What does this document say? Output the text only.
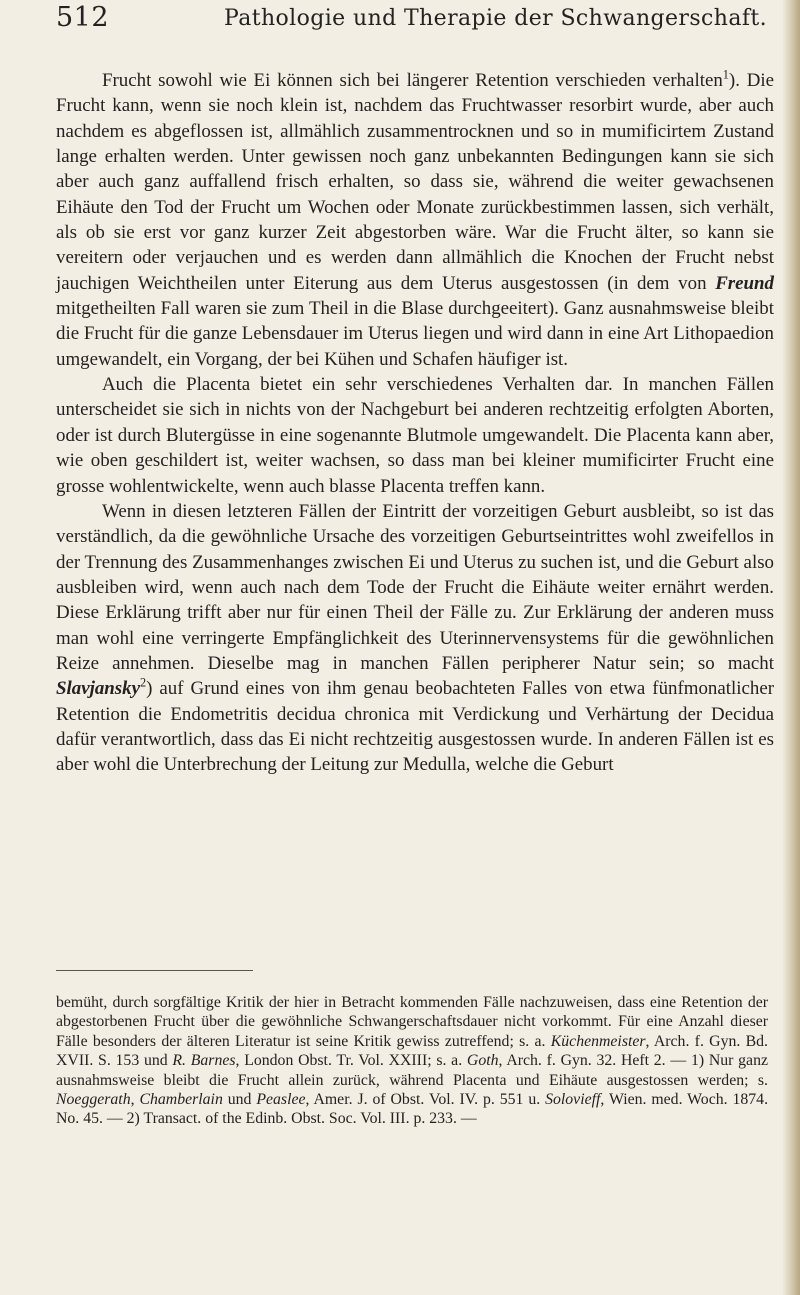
512	Pathologie und Therapie der Schwangerschaft.

Frucht sowohl wie Ei können sich bei längerer Retention verschieden verhalten$^1$). Die Frucht kann, wenn sie noch klein ist, nachdem das Fruchtwasser resorbirt wurde, aber auch nachdem es abgeflossen ist, allmählich zusammentrocknen und so in mumificirtem Zustand lange erhalten werden. Unter gewissen noch ganz unbekannten Bedingungen kann sie sich aber auch ganz auffallend frisch erhalten, so dass sie, während die weiter gewachsenen Eihäute den Tod der Frucht um Wochen oder Monate zurückbestimmen lassen, sich verhält, als ob sie erst vor ganz kurzer Zeit abgestorben wäre. War die Frucht älter, so kann sie vereitern oder verjauchen und es werden dann allmählich die Knochen der Frucht nebst jauchigen Weichtheilen unter Eiterung aus dem Uterus ausgestossen (in dem von Freund mitgetheilten Fall waren sie zum Theil in die Blase durchgeeitert). Ganz ausnahmsweise bleibt die Frucht für die ganze Lebensdauer im Uterus liegen und wird dann in eine Art Lithopaedion umgewandelt, ein Vorgang, der bei Kühen und Schafen häufiger ist.

Auch die Placenta bietet ein sehr verschiedenes Verhalten dar. In manchen Fällen unterscheidet sie sich in nichts von der Nachgeburt bei anderen rechtzeitig erfolgten Aborten, oder ist durch Blutergüsse in eine sogenannte Blutmole umgewandelt. Die Placenta kann aber, wie oben geschildert ist, weiter wachsen, so dass man bei kleiner mumificirter Frucht eine grosse wohlentwickelte, wenn auch blasse Placenta treffen kann.

Wenn in diesen letzteren Fällen der Eintritt der vorzeitigen Geburt ausbleibt, so ist das verständlich, da die gewöhnliche Ursache des vorzeitigen Geburtseintrittes wohl zweifellos in der Trennung des Zusammenhanges zwischen Ei und Uterus zu suchen ist, und die Geburt also ausbleiben wird, wenn auch nach dem Tode der Frucht die Eihäute weiter ernährt werden. Diese Erklärung trifft aber nur für einen Theil der Fälle zu. Zur Erklärung der anderen muss man wohl eine verringerte Empfänglichkeit des Uterinnervensystems für die gewöhnlichen Reize annehmen. Dieselbe mag in manchen Fällen peripherer Natur sein; so macht Slavjansky$^2$) auf Grund eines von ihm genau beobachteten Falles von etwa fünfmonatlicher Retention die Endometritis decidua chronica mit Verdickung und Verhärtung der Decidua dafür verantwortlich, dass das Ei nicht rechtzeitig ausgestossen wurde. In anderen Fällen ist es aber wohl die Unterbrechung der Leitung zur Medulla, welche die Geburt

bemüht, durch sorgfältige Kritik der hier in Betracht kommenden Fälle nachzuweisen, dass eine Retention der abgestorbenen Frucht über die gewöhnliche Schwangerschaftsdauer nicht vorkommt. Für eine Anzahl dieser Fälle besonders der älteren Literatur ist seine Kritik gewiss zutreffend; s. a. Küchenmeister, Arch. f. Gyn. Bd. XVII. S. 153 und R. Barnes, London Obst. Tr. Vol. XXIII; s. a. Goth, Arch. f. Gyn. 32. Heft 2. — 1) Nur ganz ausnahmsweise bleibt die Frucht allein zurück, während Placenta und Eihäute ausgestossen werden; s. Noeggerath, Chamberlain und Peaslee, Amer. J. of Obst. Vol. IV. p. 551 u. Solovieff, Wien. med. Woch. 1874. No. 45. — 2) Transact. of the Edinb. Obst. Soc. Vol. III. p. 233. —
